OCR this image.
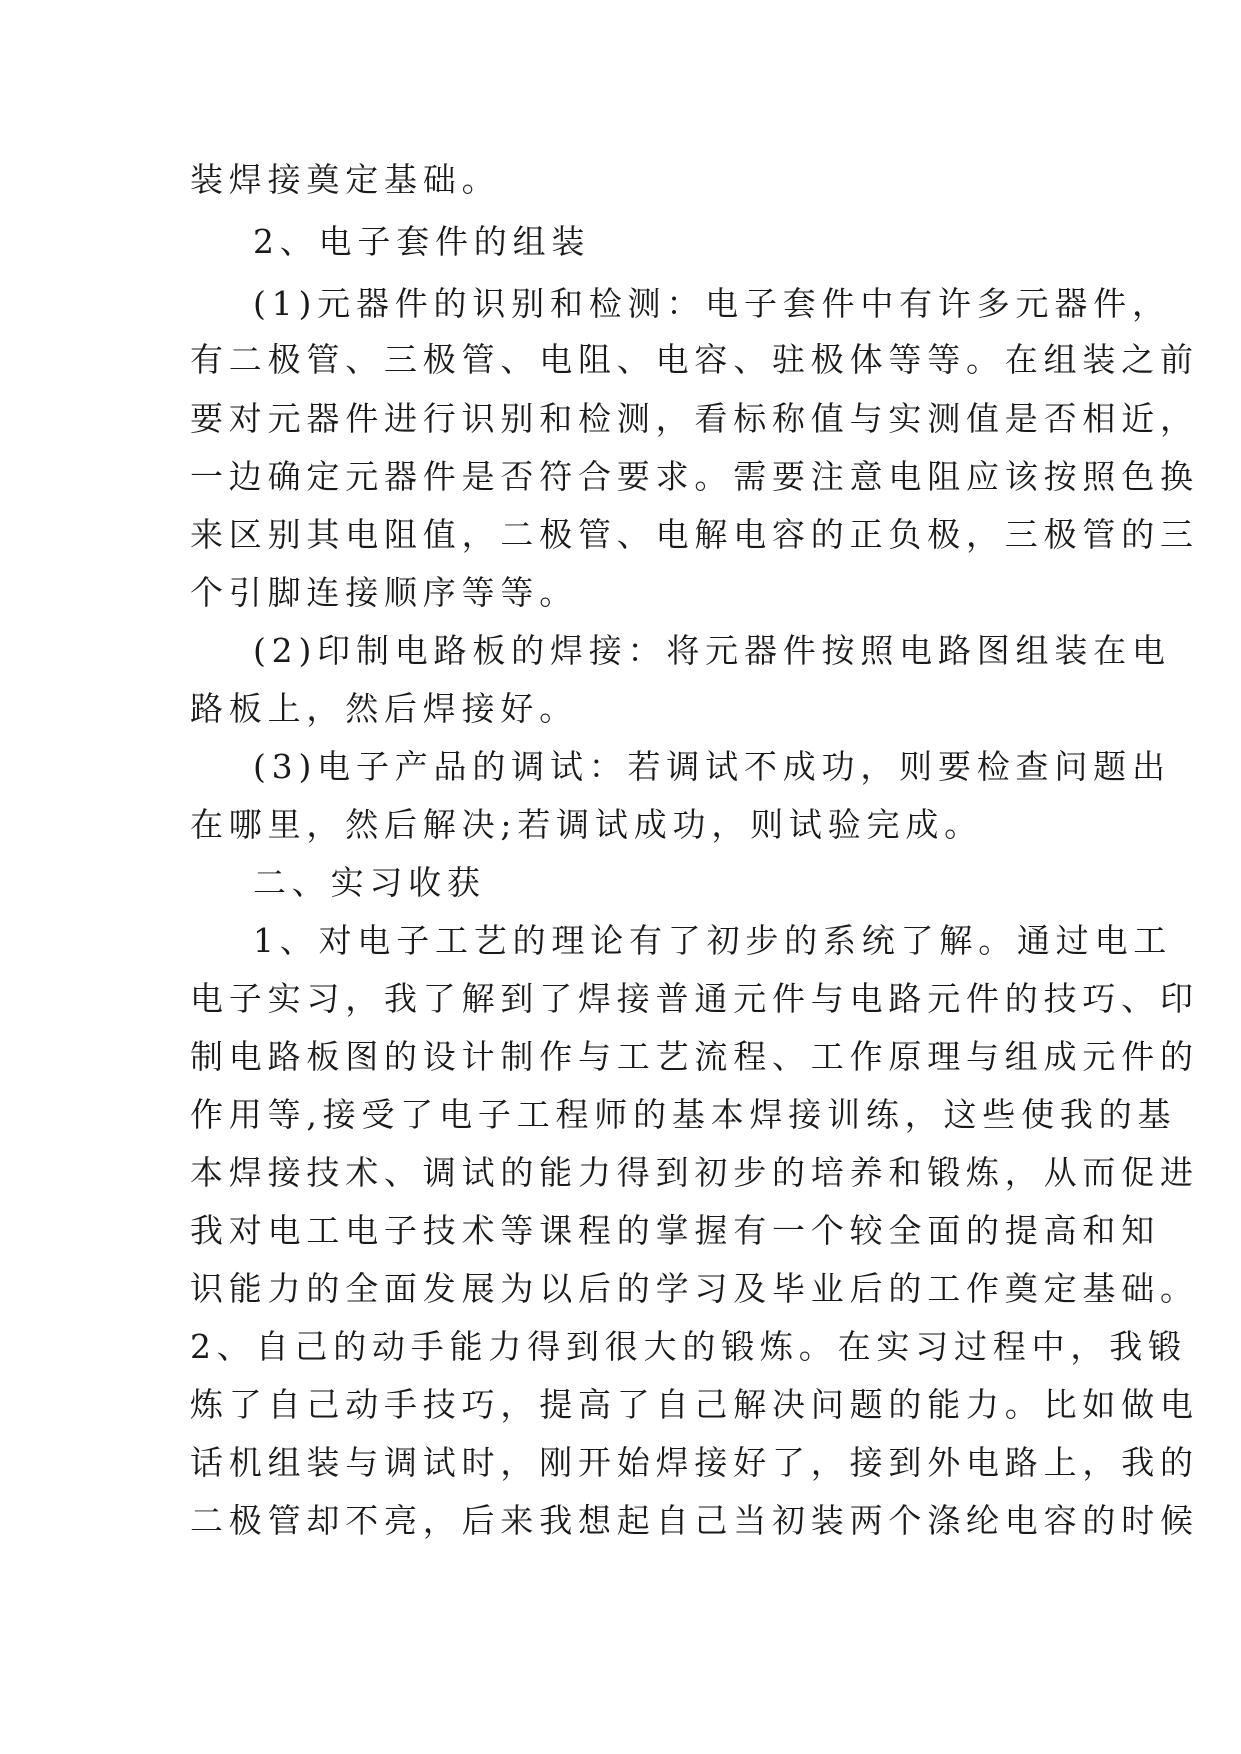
装焊接奠定基础。

2、电子套件的组装

(1)元器件的识别和检测：电子套件中有许多元器件，

有二极管、三极管、电阻、电容、驻极体等等。在组装之前

要对元器件进行识别和检测，看标称值与实测值是否相近，

一边确定元器件是否符合要求。需要注意电阻应该按照色换

来区别其电阻值，二极管、电解电容的正负极，三极管的三

个引脚连接顺序等等。

(2)印制电路板的焊接：将元器件按照电路图组装在电

路板上，然后焊接好。

(3)电子产品的调试：若调试不成功，则要检查问题出

在哪里，然后解决;若调试成功，则试验完成。

二、实习收获

1、对电子工艺的理论有了初步的系统了解。通过电工

电子实习，我了解到了焊接普通元件与电路元件的技巧、印

制电路板图的设计制作与工艺流程、工作原理与组成元件的

作用等,接受了电子工程师的基本焊接训练，这些使我的基

本焊接技术、调试的能力得到初步的培养和锻炼，从而促进

我对电工电子技术等课程的掌握有一个较全面的提高和知

识能力的全面发展为以后的学习及毕业后的工作奠定基础。

2、自己的动手能力得到很大的锻炼。在实习过程中，我锻

炼了自己动手技巧，提高了自己解决问题的能力。比如做电

话机组装与调试时，刚开始焊接好了，接到外电路上，我的

二极管却不亮，后来我想起自己当初装两个涤纶电容的时候
